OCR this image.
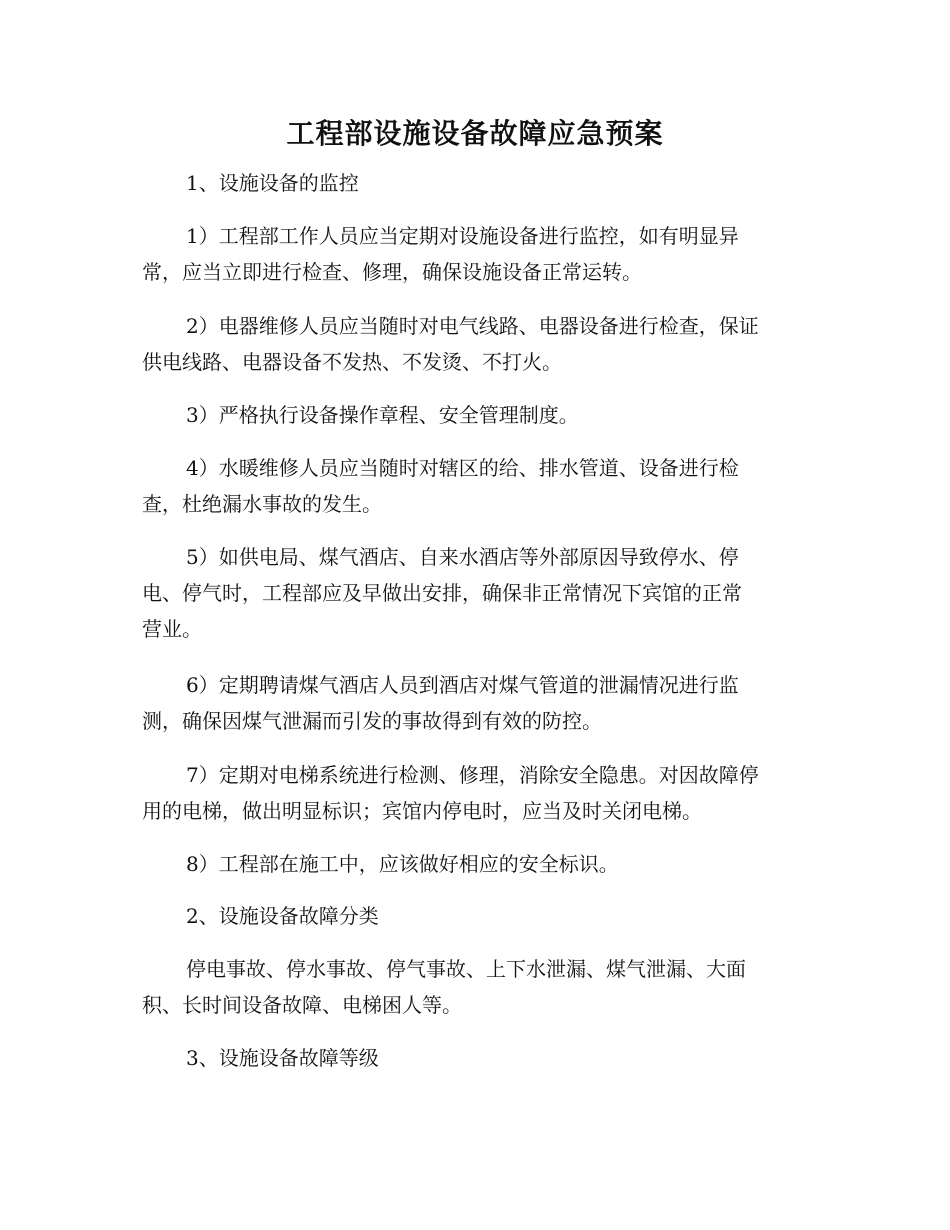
工程部设施设备故障应急预案
1、设施设备的监控
1）工程部工作人员应当定期对设施设备进行监控，如有明显异
常，应当立即进行检查、修理，确保设施设备正常运转。
2）电器维修人员应当随时对电气线路、电器设备进行检查，保证
供电线路、电器设备不发热、不发烫、不打火。
3）严格执行设备操作章程、安全管理制度。
4）水暖维修人员应当随时对辖区的给、排水管道、设备进行检
查，杜绝漏水事故的发生。
5）如供电局、煤气酒店、自来水酒店等外部原因导致停水、停
电、停气时，工程部应及早做出安排，确保非正常情况下宾馆的正常
营业。
6）定期聘请煤气酒店人员到酒店对煤气管道的泄漏情况进行监
测，确保因煤气泄漏而引发的事故得到有效的防控。
7）定期对电梯系统进行检测、修理，消除安全隐患。对因故障停
用的电梯，做出明显标识；宾馆内停电时，应当及时关闭电梯。
8）工程部在施工中，应该做好相应的安全标识。
2、设施设备故障分类
停电事故、停水事故、停气事故、上下水泄漏、煤气泄漏、大面
积、长时间设备故障、电梯困人等。
3、设施设备故障等级
